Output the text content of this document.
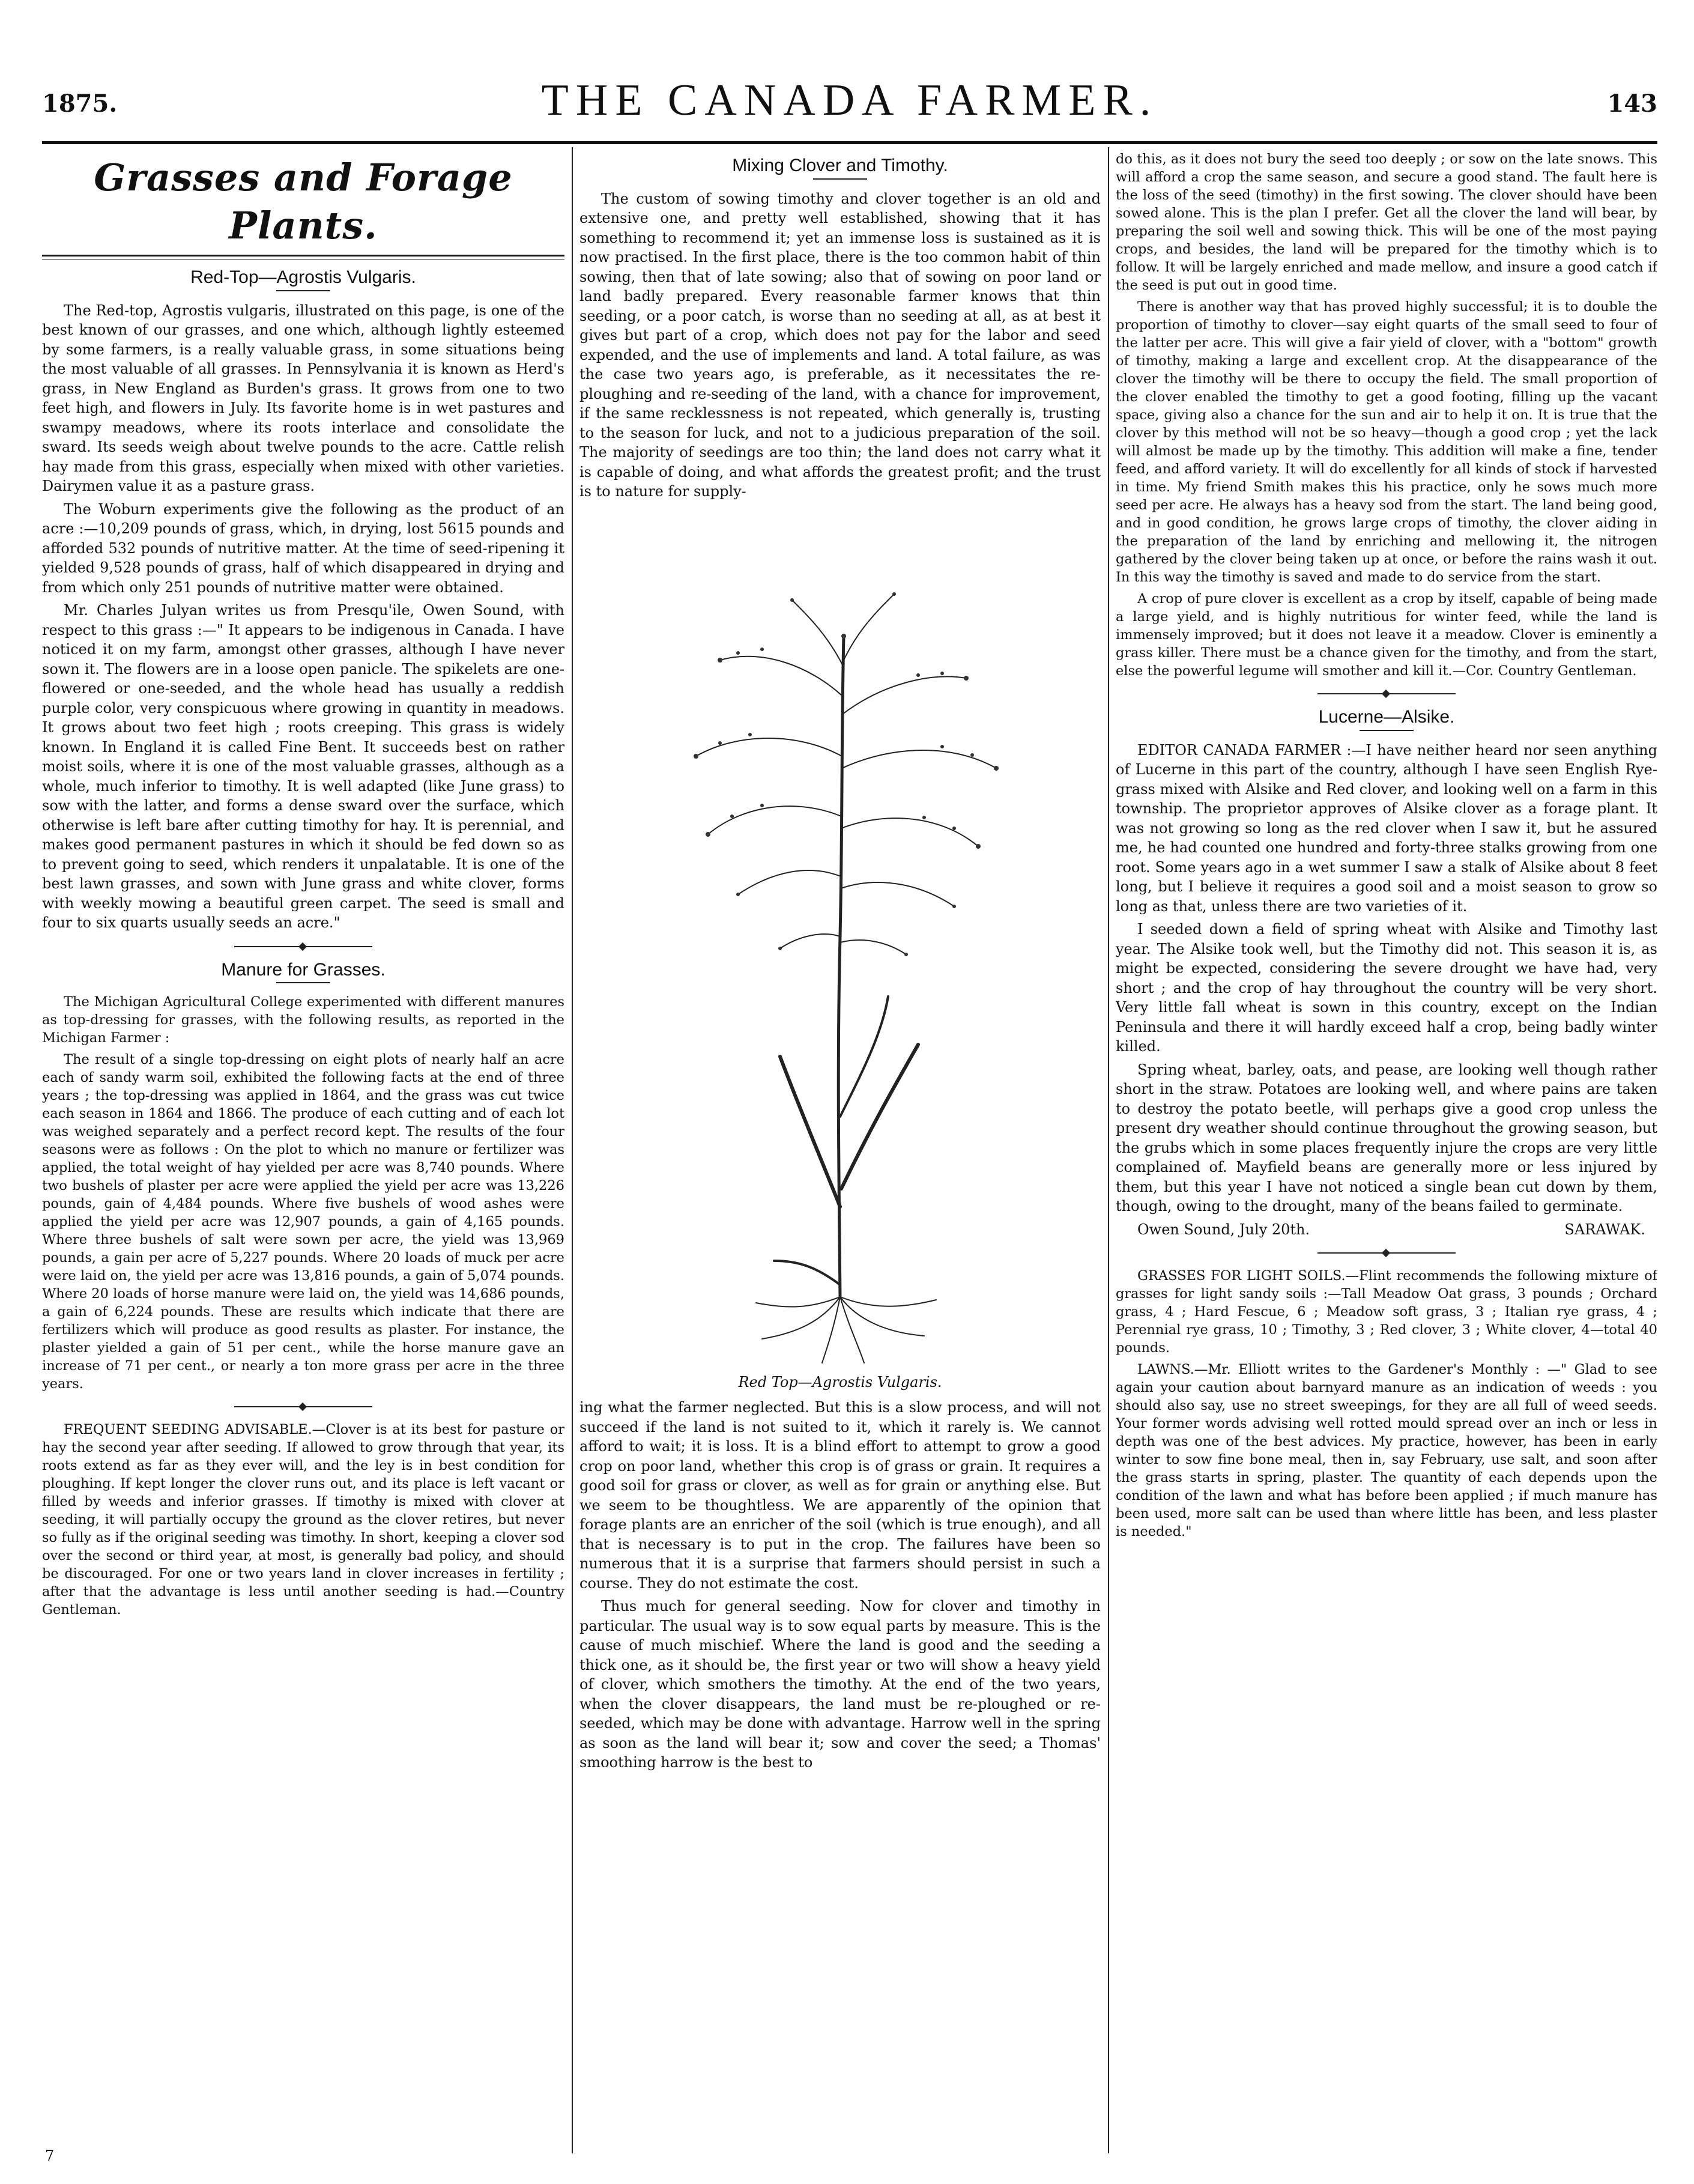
1875.	THE CANADA FARMER.	143
Grasses and Forage Plants.
Red-Top—Agrostis Vulgaris.

The Red-top, Agrostis vulgaris, illustrated on this page, is one of the best known of our grasses, and one which, although lightly esteemed by some farmers, is a really valuable grass, in some situations being the most valuable of all grasses. In Pennsylvania it is known as Herd's grass, in New England as Burden's grass. It grows from one to two feet high, and flowers in July. Its favorite home is in wet pastures and swampy meadows, where its roots interlace and consolidate the sward. Its seeds weigh about twelve pounds to the acre. Cattle relish hay made from this grass, especially when mixed with other varieties. Dairymen value it as a pasture grass.

The Woburn experiments give the following as the product of an acre :—10,209 pounds of grass, which, in drying, lost 5615 pounds and afforded 532 pounds of nutritive matter. At the time of seed-ripening it yielded 9,528 pounds of grass, half of which disappeared in drying and from which only 251 pounds of nutritive matter were obtained.

Mr. Charles Julyan writes us from Presqu'ile, Owen Sound, with respect to this grass :—" It appears to be indigenous in Canada. I have noticed it on my farm, amongst other grasses, although I have never sown it. The flowers are in a loose open panicle. The spikelets are one-flowered or one-seeded, and the whole head has usually a reddish purple color, very conspicuous where growing in quantity in meadows. It grows about two feet high ; roots creeping. This grass is widely known. In England it is called Fine Bent. It succeeds best on rather moist soils, where it is one of the most valuable grasses, although as a whole, much inferior to timothy. It is well adapted (like June grass) to sow with the latter, and forms a dense sward over the surface, which otherwise is left bare after cutting timothy for hay. It is perennial, and makes good permanent pastures in which it should be fed down so as to prevent going to seed, which renders it unpalatable. It is one of the best lawn grasses, and sown with June grass and white clover, forms with weekly mowing a beautiful green carpet. The seed is small and four to six quarts usually seeds an acre."

Manure for Grasses.

The Michigan Agricultural College experimented with different manures as top-dressing for grasses, with the following results, as reported in the Michigan Farmer :

The result of a single top-dressing on eight plots of nearly half an acre each of sandy warm soil, exhibited the following facts at the end of three years ; the top-dressing was applied in 1864, and the grass was cut twice each season in 1864 and 1866. The produce of each cutting and of each lot was weighed separately and a perfect record kept. The results of the four seasons were as follows : On the plot to which no manure or fertilizer was applied, the total weight of hay yielded per acre was 8,740 pounds. Where two bushels of plaster per acre were applied the yield per acre was 13,226 pounds, gain of 4,484 pounds. Where five bushels of wood ashes were applied the yield per acre was 12,907 pounds, a gain of 4,165 pounds. Where three bushels of salt were sown per acre, the yield was 13,969 pounds, a gain per acre of 5,227 pounds. Where 20 loads of muck per acre were laid on, the yield per acre was 13,816 pounds, a gain of 5,074 pounds. Where 20 loads of horse manure were laid on, the yield was 14,686 pounds, a gain of 6,224 pounds. These are results which indicate that there are fertilizers which will produce as good results as plaster. For instance, the plaster yielded a gain of 51 per cent., while the horse manure gave an increase of 71 per cent., or nearly a ton more grass per acre in the three years.

FREQUENT SEEDING ADVISABLE.—Clover is at its best for pasture or hay the second year after seeding. If allowed to grow through that year, its roots extend as far as they ever will, and the ley is in best condition for ploughing. If kept longer the clover runs out, and its place is left vacant or filled by weeds and inferior grasses. If timothy is mixed with clover at seeding, it will partially occupy the ground as the clover retires, but never so fully as if the original seeding was timothy. In short, keeping a clover sod over the second or third year, at most, is generally bad policy, and should be discouraged. For one or two years land in clover increases in fertility ; after that the advantage is less until another seeding is had.—Country Gentleman.

Mixing Clover and Timothy.

The custom of sowing timothy and clover together is an old and extensive one, and pretty well established, showing that it has something to recommend it; yet an immense loss is sustained as it is now practised. In the first place, there is the too common habit of thin sowing, then that of late sowing; also that of sowing on poor land or land badly prepared. Every reasonable farmer knows that thin seeding, or a poor catch, is worse than no seeding at all, as at best it gives but part of a crop, which does not pay for the labor and seed expended, and the use of implements and land. A total failure, as was the case two years ago, is preferable, as it necessitates the re-ploughing and re-seeding of the land, with a chance for improvement, if the same recklessness is not repeated, which generally is, trusting to the season for luck, and not to a judicious preparation of the soil. The majority of seedings are too thin; the land does not carry what it is capable of doing, and what affords the greatest profit; and the trust is to nature for supply-

Red Top—Agrostis Vulgaris.

ing what the farmer neglected. But this is a slow process, and will not succeed if the land is not suited to it, which it rarely is. We cannot afford to wait; it is loss. It is a blind effort to attempt to grow a good crop on poor land, whether this crop is of grass or grain. It requires a good soil for grass or clover, as well as for grain or anything else. But we seem to be thoughtless. We are apparently of the opinion that forage plants are an enricher of the soil (which is true enough), and all that is necessary is to put in the crop. The failures have been so numerous that it is a surprise that farmers should persist in such a course. They do not estimate the cost.

Thus much for general seeding. Now for clover and timothy in particular. The usual way is to sow equal parts by measure. This is the cause of much mischief. Where the land is good and the seeding a thick one, as it should be, the first year or two will show a heavy yield of clover, which smothers the timothy. At the end of the two years, when the clover disappears, the land must be re-ploughed or re-seeded, which may be done with advantage. Harrow well in the spring as soon as the land will bear it; sow and cover the seed; a Thomas' smoothing harrow is the best to

do this, as it does not bury the seed too deeply ; or sow on the late snows. This will afford a crop the same season, and secure a good stand. The fault here is the loss of the seed (timothy) in the first sowing. The clover should have been sowed alone. This is the plan I prefer. Get all the clover the land will bear, by preparing the soil well and sowing thick. This will be one of the most paying crops, and besides, the land will be prepared for the timothy which is to follow. It will be largely enriched and made mellow, and insure a good catch if the seed is put out in good time.

There is another way that has proved highly successful; it is to double the proportion of timothy to clover—say eight quarts of the small seed to four of the latter per acre. This will give a fair yield of clover, with a "bottom" growth of timothy, making a large and excellent crop. At the disappearance of the clover the timothy will be there to occupy the field. The small proportion of the clover enabled the timothy to get a good footing, filling up the vacant space, giving also a chance for the sun and air to help it on. It is true that the clover by this method will not be so heavy—though a good crop ; yet the lack will almost be made up by the timothy. This addition will make a fine, tender feed, and afford variety. It will do excellently for all kinds of stock if harvested in time. My friend Smith makes this his practice, only he sows much more seed per acre. He always has a heavy sod from the start. The land being good, and in good condition, he grows large crops of timothy, the clover aiding in the preparation of the land by enriching and mellowing it, the nitrogen gathered by the clover being taken up at once, or before the rains wash it out. In this way the timothy is saved and made to do service from the start.

A crop of pure clover is excellent as a crop by itself, capable of being made a large yield, and is highly nutritious for winter feed, while the land is immensely improved; but it does not leave it a meadow. Clover is eminently a grass killer. There must be a chance given for the timothy, and from the start, else the powerful legume will smother and kill it.—Cor. Country Gentleman.

Lucerne—Alsike.

EDITOR CANADA FARMER :—I have neither heard nor seen anything of Lucerne in this part of the country, although I have seen English Rye-grass mixed with Alsike and Red clover, and looking well on a farm in this township. The proprietor approves of Alsike clover as a forage plant. It was not growing so long as the red clover when I saw it, but he assured me, he had counted one hundred and forty-three stalks growing from one root. Some years ago in a wet summer I saw a stalk of Alsike about 8 feet long, but I believe it requires a good soil and a moist season to grow so long as that, unless there are two varieties of it.

I seeded down a field of spring wheat with Alsike and Timothy last year. The Alsike took well, but the Timothy did not. This season it is, as might be expected, considering the severe drought we have had, very short ; and the crop of hay throughout the country will be very short. Very little fall wheat is sown in this country, except on the Indian Peninsula and there it will hardly exceed half a crop, being badly winter killed.

Spring wheat, barley, oats, and pease, are looking well though rather short in the straw. Potatoes are looking well, and where pains are taken to destroy the potato beetle, will perhaps give a good crop unless the present dry weather should continue throughout the growing season, but the grubs which in some places frequently injure the crops are very little complained of. Mayfield beans are generally more or less injured by them, but this year I have not noticed a single bean cut down by them, though, owing to the drought, many of the beans failed to germinate.

Owen Sound, July 20th.	SARAWAK.

GRASSES FOR LIGHT SOILS.—Flint recommends the following mixture of grasses for light sandy soils :—Tall Meadow Oat grass, 3 pounds ; Orchard grass, 4 ; Hard Fescue, 6 ; Meadow soft grass, 3 ; Italian rye grass, 4 ; Perennial rye grass, 10 ; Timothy, 3 ; Red clover, 3 ; White clover, 4—total 40 pounds.

LAWNS.—Mr. Elliott writes to the Gardener's Monthly : —" Glad to see again your caution about barnyard manure as an indication of weeds : you should also say, use no street sweepings, for they are all full of weed seeds. Your former words advising well rotted mould spread over an inch or less in depth was one of the best advices. My practice, however, has been in early winter to sow fine bone meal, then in, say February, use salt, and soon after the grass starts in spring, plaster. The quantity of each depends upon the condition of the lawn and what has before been applied ; if much manure has been used, more salt can be used than where little has been, and less plaster is needed."

7
